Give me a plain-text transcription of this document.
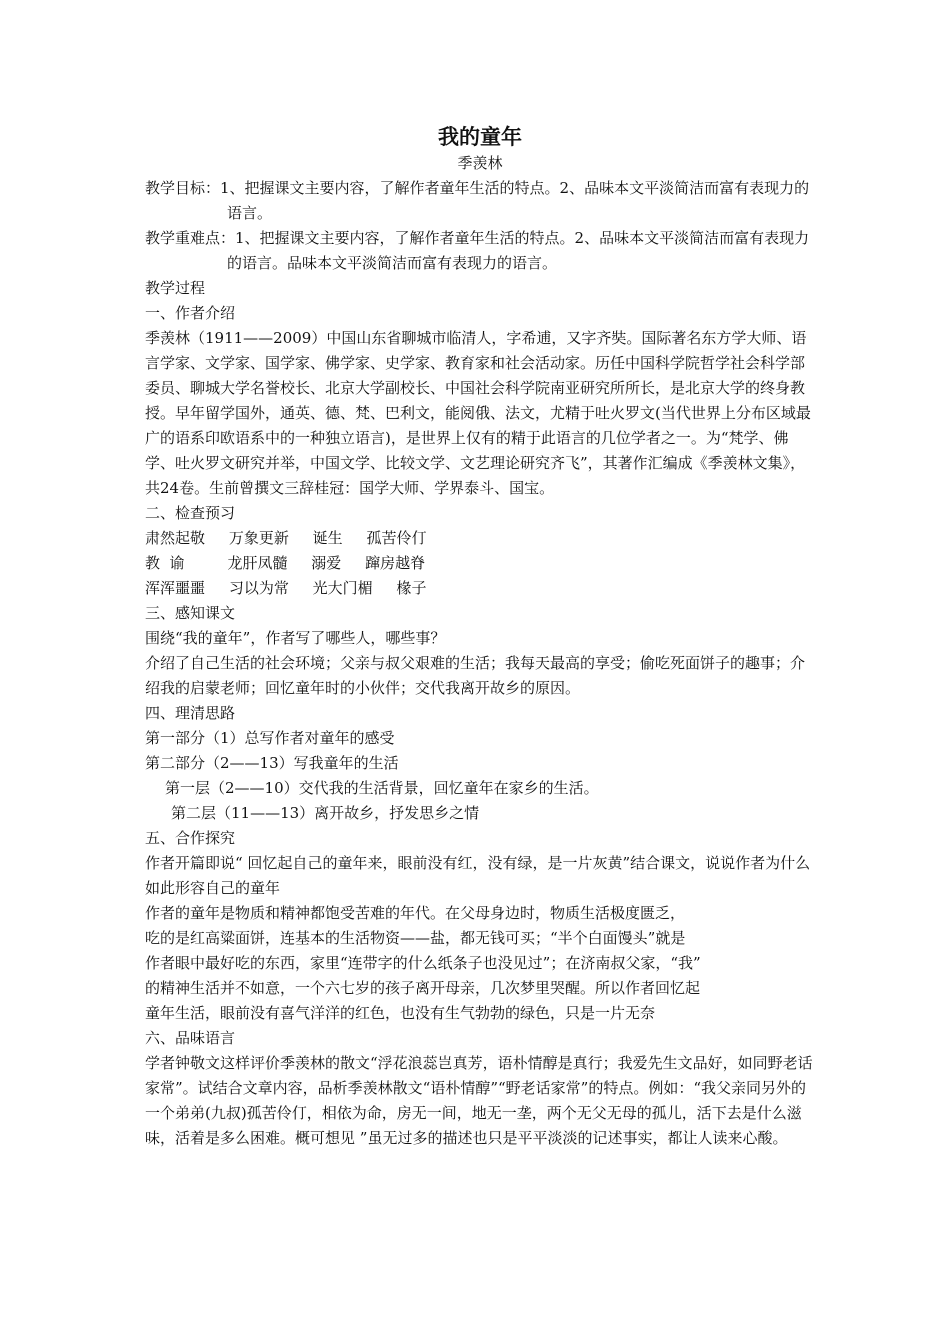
我的童年

季羡林

教学目标：1、把握课文主要内容，了解作者童年生活的特点。2、品味本文平淡简洁而富有表现力的语言。

教学重难点：1、把握课文主要内容，了解作者童年生活的特点。2、品味本文平淡简洁而富有表现力的语言。品味本文平淡简洁而富有表现力的语言。

教学过程

一、作者介绍

季羡林（1911——2009）中国山东省聊城市临清人，字希逋，又字齐奘。国际著名东方学大师、语言学家、文学家、国学家、佛学家、史学家、教育家和社会活动家。历任中国科学院哲学社会科学部委员、聊城大学名誉校长、北京大学副校长、中国社会科学院南亚研究所所长，是北京大学的终身教授。早年留学国外，通英、德、梵、巴利文，能阅俄、法文，尤精于吐火罗文(当代世界上分布区域最广的语系印欧语系中的一种独立语言)，是世界上仅有的精于此语言的几位学者之一。为“梵学、佛学、吐火罗文研究并举，中国文学、比较文学、文艺理论研究齐飞”，其著作汇编成《季羡林文集》，共24卷。生前曾撰文三辞桂冠：国学大师、学界泰斗、国宝。

二、检查预习

肃然起敬     万象更新     诞生     孤苦伶仃

教  谕         龙肝凤髓     溺爱     蹿房越脊

浑浑噩噩     习以为常     光大门楣     椽子

三、感知课文

围绕“我的童年”，作者写了哪些人，哪些事？

介绍了自己生活的社会环境；父亲与叔父艰难的生活；我每天最高的享受；偷吃死面饼子的趣事；介绍我的启蒙老师；回忆童年时的小伙伴；交代我离开故乡的原因。

四、理清思路

第一部分（1）总写作者对童年的感受

第二部分（2——13）写我童年的生活

第一层（2——10）交代我的生活背景，回忆童年在家乡的生活。

第二层（11——13）离开故乡，抒发思乡之情

五、合作探究

作者开篇即说“ 回忆起自己的童年来，眼前没有红，没有绿，是一片灰黄”结合课文，说说作者为什么如此形容自己的童年

作者的童年是物质和精神都饱受苦难的年代。在父母身边时，物质生活极度匮乏，

吃的是红高粱面饼，连基本的生活物资——盐，都无钱可买；“半个白面馒头”就是

作者眼中最好吃的东西，家里“连带字的什么纸条子也没见过”；在济南叔父家，“我”

的精神生活并不如意，一个六七岁的孩子离开母亲，几次梦里哭醒。所以作者回忆起

童年生活，眼前没有喜气洋洋的红色，也没有生气勃勃的绿色，只是一片无奈

六、品味语言

学者钟敬文这样评价季羡林的散文“浮花浪蕊岂真芳，语朴情醇是真行；我爱先生文品好，如同野老话家常”。试结合文章内容，品析季羡林散文“语朴情醇”“野老话家常”的特点。例如：“我父亲同另外的一个弟弟(九叔)孤苦伶仃，相依为命，房无一间，地无一垄，两个无父无母的孤儿，活下去是什么滋味，活着是多么困难。概可想见 ”虽无过多的描述也只是平平淡淡的记述事实，都让人读来心酸。
